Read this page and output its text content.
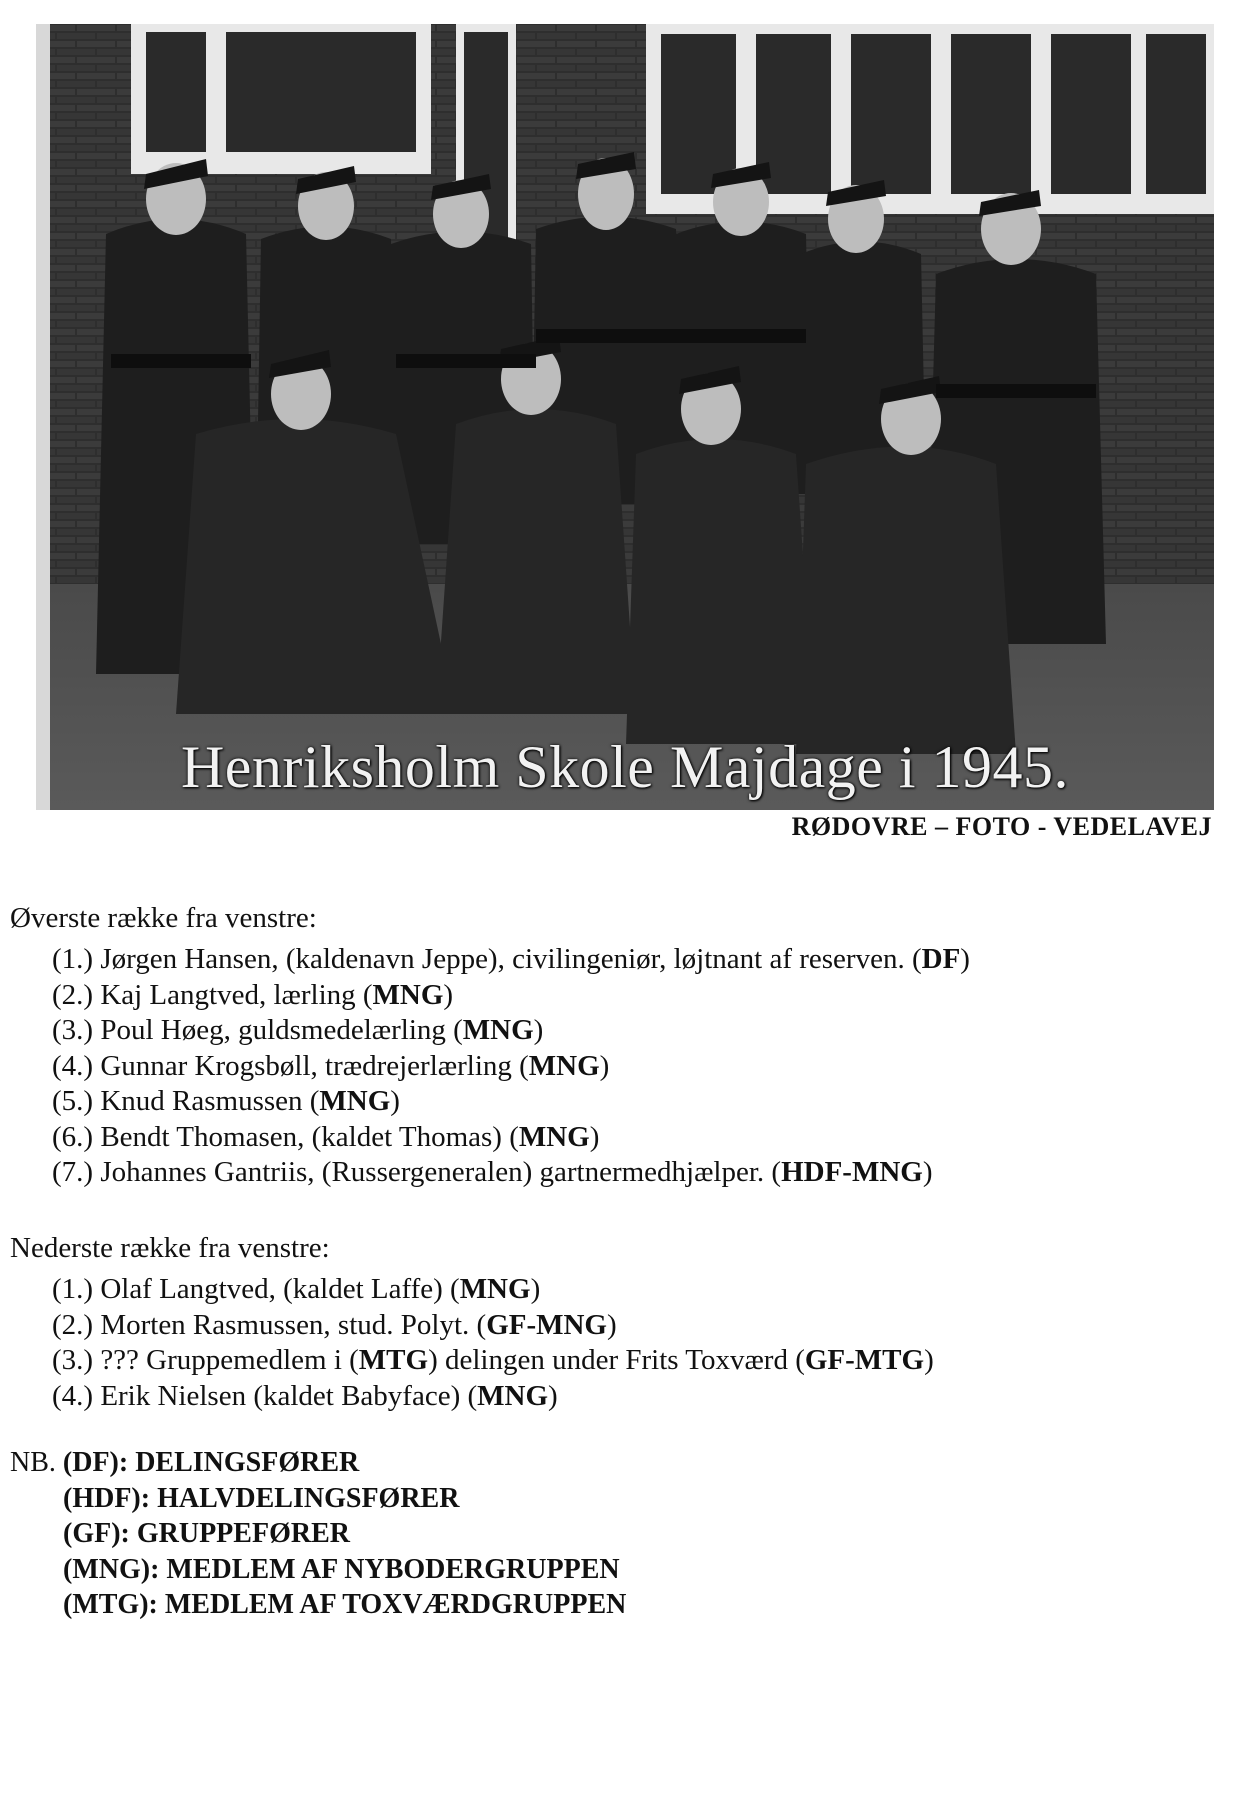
Henriksholm Skole Majdage i 1945.
RØDOVRE – FOTO - VEDELAVEJ
Øverste række fra venstre:
(1.) Jørgen Hansen, (kaldenavn Jeppe), civilingeniør, løjtnant af reserven. (DF)
(2.) Kaj Langtved, lærling (MNG)
(3.) Poul Høeg, guldsmedelærling (MNG)
(4.) Gunnar Krogsbøll, trædrejerlærling (MNG)
(5.) Knud Rasmussen (MNG)
(6.) Bendt Thomasen, (kaldet Thomas) (MNG)
(7.) Johannes Gantriis, (Russergeneralen) gartnermedhjælper. (HDF-MNG)
Nederste række fra venstre:
(1.) Olaf Langtved, (kaldet Laffe) (MNG)
(2.) Morten Rasmussen, stud. Polyt. (GF-MNG)
(3.) ??? Gruppemedlem i (MTG) delingen under Frits Toxværd (GF-MTG)
(4.) Erik Nielsen (kaldet Babyface) (MNG)
NB. (DF): DELINGSFØRER
(HDF): HALVDELINGSFØRER
(GF): GRUPPEFØRER
(MNG): MEDLEM AF NYBODERGRUPPEN
(MTG): MEDLEM AF TOXVÆRDGRUPPEN
